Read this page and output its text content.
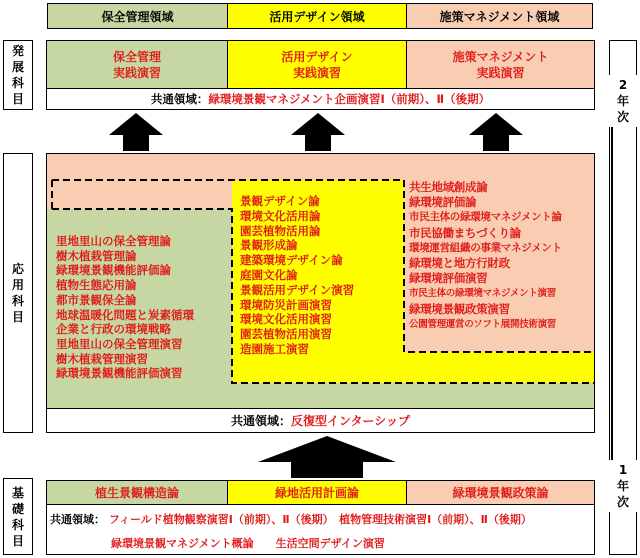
保全管理領域	活用デザイン領域	施策マネジメント領域
発
展
科
目
応
用
科
目
基
礎
科
目
2
年
次
1
年
次
保全管理
実践演習
活用デザイン
実践演習
施策マネジメント
実践演習
共通領域： 緑環境景観マネジメント企画演習Ⅰ（前期）、Ⅱ（後期）
里地里山の保全管理論
樹木植栽管理論
緑環境景観機能評価論
植物生態応用論
都市景観保全論
地球温暖化問題と炭素循環
企業と行政の環境戦略
里地里山の保全管理演習
樹木植栽管理演習
緑環境景観機能評価演習
景観デザイン論
環境文化活用論
園芸植物活用論
景観形成論
建築環境デザイン論
庭園文化論
景観活用デザイン演習
環境防災計画演習
環境文化活用演習
園芸植物活用演習
造園施工演習
共生地域創成論
緑環境評価論
市民主体の緑環境マネジメント論
市民協働まちづくり論
環境運営組織の事業マネジメント
緑環境と地方行財政
緑環境評価演習
市民主体の緑環境マネジメント演習
緑環境景観政策演習
公園管理運営のソフト展開技術演習
共通領域： 反復型インターシップ
植生景観構造論	緑地活用計画論	緑環境景観政策論
共通領域： フィールド植物観察演習Ⅰ（前期）、Ⅱ（後期）　植物管理技術演習Ⅰ（前期）、Ⅱ（後期）
緑環境景観マネジメント概論　　生活空間デザイン演習
